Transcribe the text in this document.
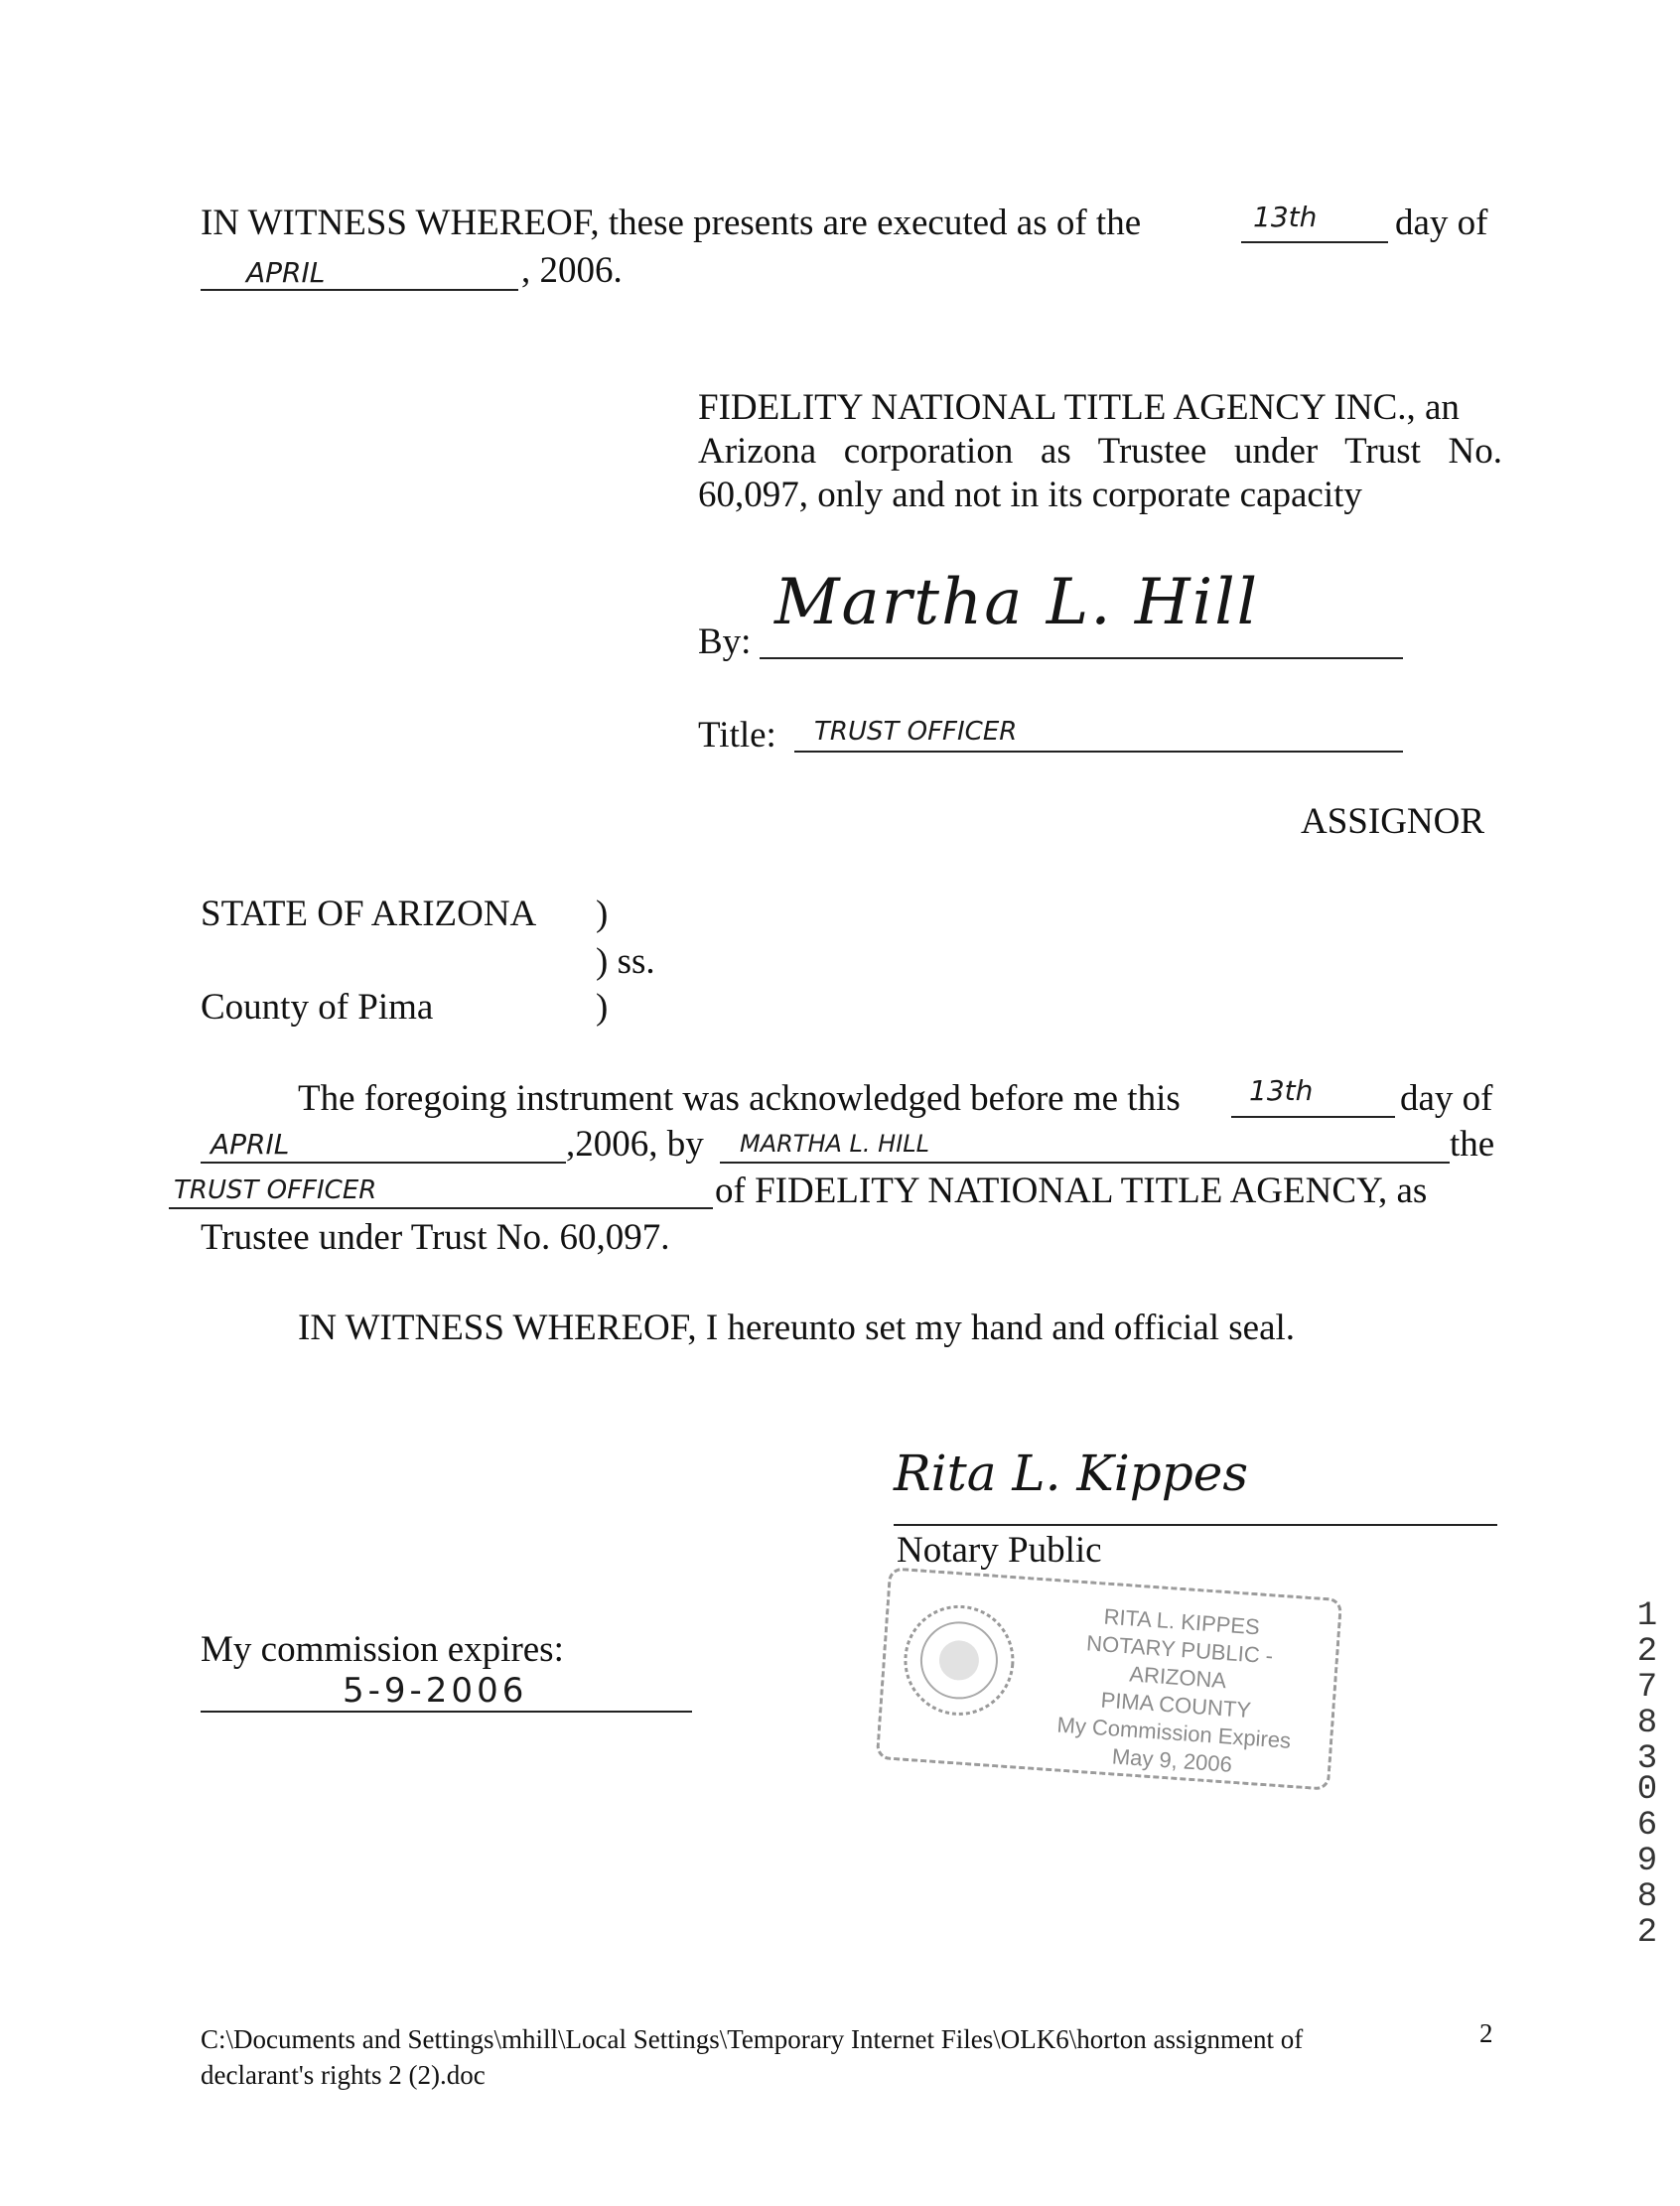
IN WITNESS WHEREOF, these presents are executed as of the	13th day of
APRIL	, 2006.
FIDELITY NATIONAL TITLE AGENCY INC., an
Arizona corporation as Trustee under Trust No.
60,097, only and not in its corporate capacity
By:
Martha L. Hill
Title: TRUST OFFICER
ASSIGNOR
STATE OF ARIZONA )
) ss.
County of Pima	)
The foregoing instrument was acknowledged before me this 13th day of
APRIL	,2006, by MARTHA L. HILL	the
TRUST OFFICER	of FIDELITY NATIONAL TITLE AGENCY, as
Trustee under Trust No. 60,097.
IN WITNESS WHEREOF, I hereunto set my hand and official seal.
Rita L. Kippes
Notary Public
RITA L. KIPPES
NOTARY PUBLIC - ARIZONA
PIMA COUNTY
My Commission Expires
May 9, 2006
My commission expires:
5-9-2006
12783
06982
C:\Documents and Settings\mhill\Local Settings\Temporary Internet Files\OLK6\horton assignment of
declarant's rights 2 (2).doc
2
